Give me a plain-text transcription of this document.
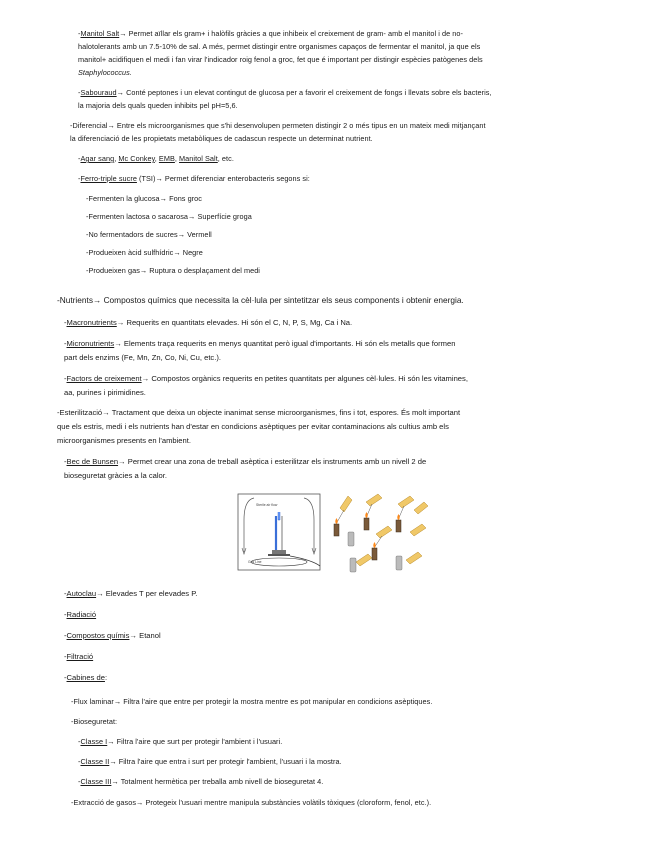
-Manitol Salt→ Permet aïllar els gram+ i halòfils gràcies a que inhibeix el creixement de gram- amb el manitol i de no-
halotolerants amb un 7.5-10% de sal. A més, permet distingir entre organismes capaços de fermentar el manitol, ja que els
manitol+ acidifiquen el medi i fan virar l'indicador roig fenol a groc, fet que é important per distingir espècies patògenes dels
Staphylococcus.
-Sabouraud→ Conté peptones i un elevat contingut de glucosa per a favorir el creixement de fongs i llevats sobre els bacteris,
la majoria dels quals queden inhibits pel pH=5,6.
-Diferencial→ Entre els microorganismes que s'hi desenvolupen permeten distingir 2 o més tipus en un mateix medi mitjançant
la diferenciació de les propietats metabòliques de cadascun respecte un determinat nutrient.
-Agar sang, Mc Conkey, EMB, Manitol Salt, etc.
-Ferro-triple sucre (TSI)→ Permet diferenciar enterobacteris segons si:
-Fermenten la glucosa→ Fons groc
-Fermenten lactosa o sacarosa→ Superfície groga
-No fermentadors de sucres→ Vermell
-Produeixen àcid sulfhídric→ Negre
-Produeixen gas→ Ruptura o desplaçament del medi
-Nutrients→ Compostos químics que necessita la cèl·lula per sintetitzar els seus components i obtenir energia.
-Macronutrients→ Requerits en quantitats elevades. Hi són el C, N, P, S, Mg, Ca i Na.
-Micronutrients→ Elements traça requerits en menys quantitat però igual d'importants. Hi són els metalls que formen
part dels enzims (Fe, Mn, Zn, Co, Ni, Cu, etc.).
-Factors de creixement→ Compostos orgànics requerits en petites quantitats per algunes cèl·lules. Hi són les vitamines,
aa, purines i pirimidines.
-Esterilització→ Tractament que deixa un objecte inanimat sense microorganismes, fins i tot, espores. És molt important
que els estris, medi i els nutrients han d'estar en condicions asèptiques per evitar contaminacions als cultius amb els
microorganismes presents en l'ambient.
-Bec de Bunsen→ Permet crear una zona de treball asèptica i esterilitzar els instruments amb un nivell 2 de
bioseguretat gràcies a la calor.
Sterile air flow
Gas Line
-Autoclau→ Elevades T per elevades P.
-Radiació
-Compostos químis→ Etanol
-Filtració
-Cabines de:
-Flux laminar→ Filtra l'aire que entre per protegir la mostra mentre es pot manipular en condicions asèptiques.
-Bioseguretat:
-Classe I→ Filtra l'aire que surt per protegir l'ambient i l'usuari.
-Classe II→ Filtra l'aire que entra i surt per protegir l'ambient, l'usuari i la mostra.
-Classe III→ Totalment hermètica per treballa amb nivell de bioseguretat 4.
-Extracció de gasos→ Protegeix l'usuari mentre manipula substàncies volàtils tòxiques (cloroform, fenol, etc.).
